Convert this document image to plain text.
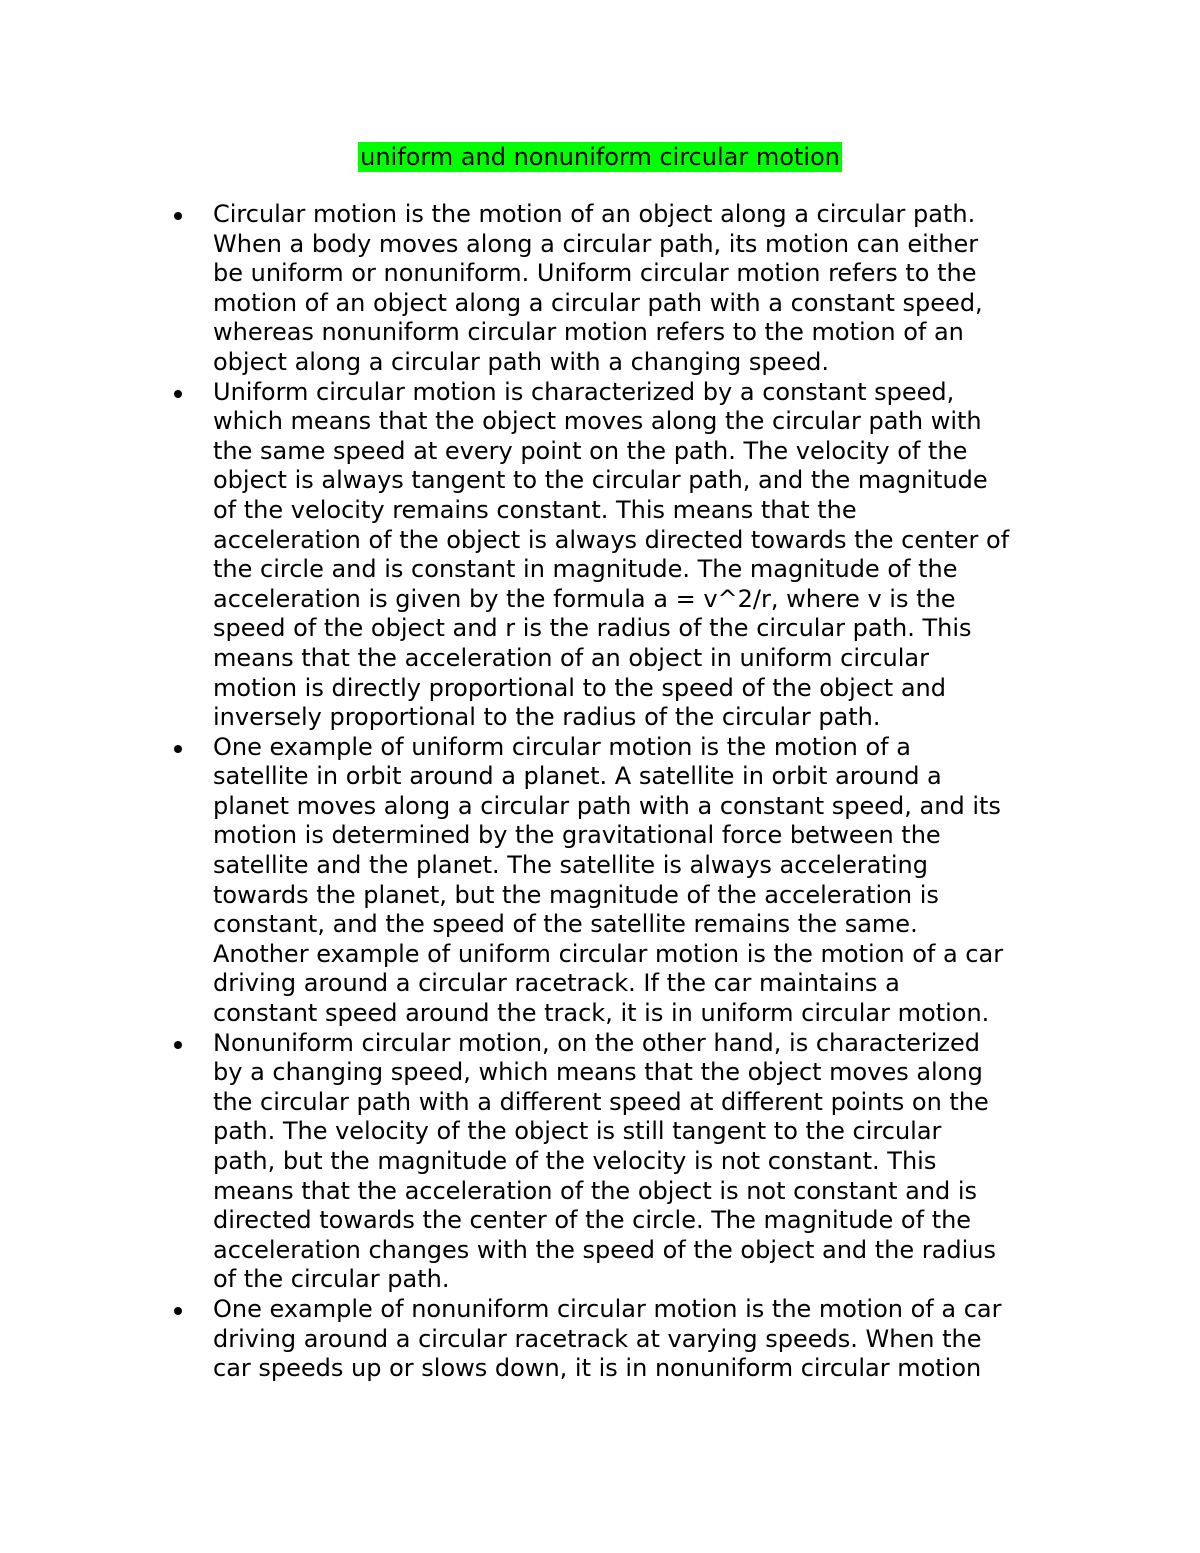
uniform and nonuniform circular motion
Circular motion is the motion of an object along a circular path.
When a body moves along a circular path, its motion can either
be uniform or nonuniform. Uniform circular motion refers to the
motion of an object along a circular path with a constant speed,
whereas nonuniform circular motion refers to the motion of an
object along a circular path with a changing speed.
Uniform circular motion is characterized by a constant speed,
which means that the object moves along the circular path with
the same speed at every point on the path. The velocity of the
object is always tangent to the circular path, and the magnitude
of the velocity remains constant. This means that the
acceleration of the object is always directed towards the center of
the circle and is constant in magnitude. The magnitude of the
acceleration is given by the formula a = v^2/r, where v is the
speed of the object and r is the radius of the circular path. This
means that the acceleration of an object in uniform circular
motion is directly proportional to the speed of the object and
inversely proportional to the radius of the circular path.
One example of uniform circular motion is the motion of a
satellite in orbit around a planet. A satellite in orbit around a
planet moves along a circular path with a constant speed, and its
motion is determined by the gravitational force between the
satellite and the planet. The satellite is always accelerating
towards the planet, but the magnitude of the acceleration is
constant, and the speed of the satellite remains the same.
Another example of uniform circular motion is the motion of a car
driving around a circular racetrack. If the car maintains a
constant speed around the track, it is in uniform circular motion.
Nonuniform circular motion, on the other hand, is characterized
by a changing speed, which means that the object moves along
the circular path with a different speed at different points on the
path. The velocity of the object is still tangent to the circular
path, but the magnitude of the velocity is not constant. This
means that the acceleration of the object is not constant and is
directed towards the center of the circle. The magnitude of the
acceleration changes with the speed of the object and the radius
of the circular path.
One example of nonuniform circular motion is the motion of a car
driving around a circular racetrack at varying speeds. When the
car speeds up or slows down, it is in nonuniform circular motion
